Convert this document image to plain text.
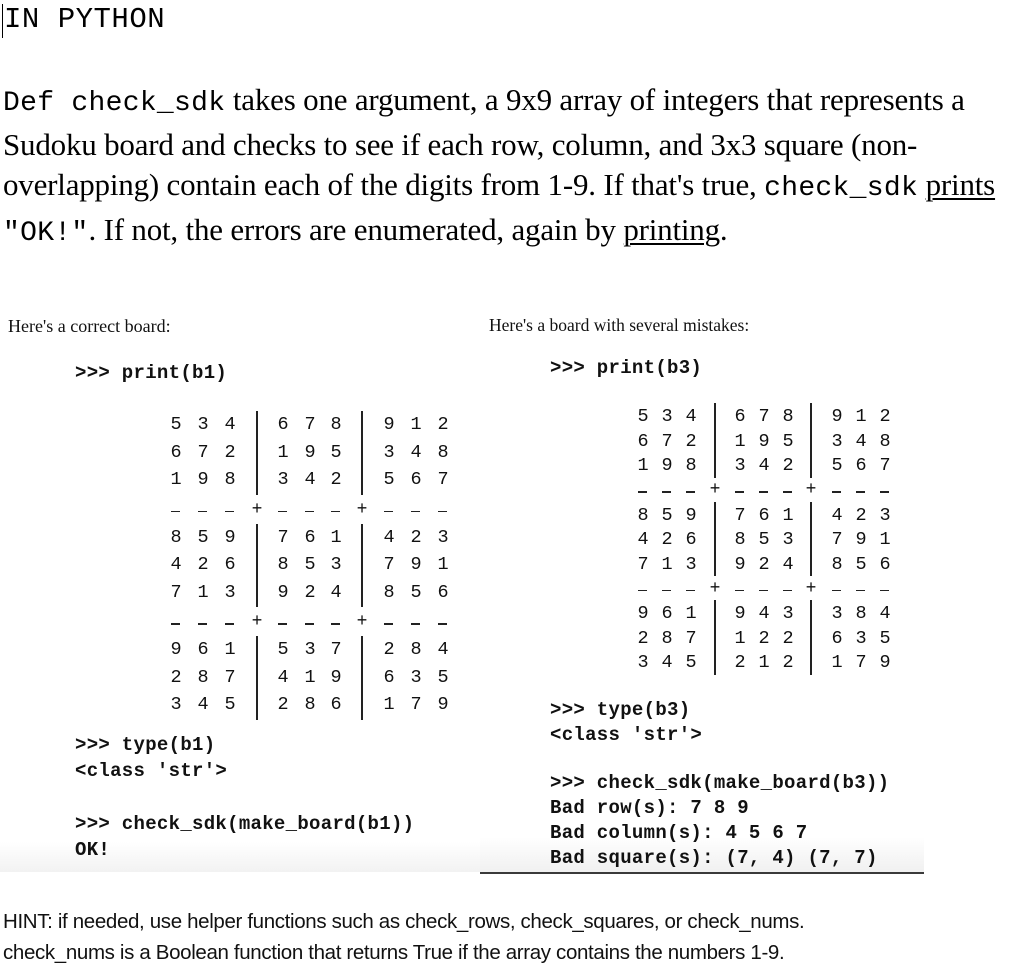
IN PYTHON
Def check_sdk takes one argument, a 9x9 array of integers that represents a Sudoku board and checks to see if each row, column, and 3x3 square (non-overlapping) contain each of the digits from 1-9. If that's true, check_sdk prints "OK!". If not, the errors are enumerated, again by printing.
Here's a correct board:
>>> print(b1)
5 3 4 6 7 8 9 1 2
6 7 2 1 9 5 3 4 8
1 9 8 3 4 2 5 6 7
+	+
8 5 9 7 6 1 4 2 3
4 2 6 8 5 3 7 9 1
7 1 3 9 2 4 8 5 6
+	+
9 6 1 5 3 7 2 8 4
2 8 7 4 1 9 6 3 5
3 4 5 2 8 6 1 7 9
>>> type(b1)
<class 'str'>
>>> check_sdk(make_board(b1))
OK!
Here's a board with several mistakes:
>>> print(b3)
5 3 4 6 7 8 9 1 2
6 7 2 1 9 5 3 4 8
1 9 8 3 4 2 5 6 7
+	+
8 5 9 7 6 1 4 2 3
4 2 6 8 5 3 7 9 1
7 1 3 9 2 4 8 5 6
+	+
9 6 1 9 4 3 3 8 4
2 8 7 1 2 2 6 3 5
3 4 5 2 1 2 1 7 9
>>> type(b3)
<class 'str'>
>>> check_sdk(make_board(b3))
Bad row(s): 7 8 9
Bad column(s): 4 5 6 7
Bad square(s): (7, 4) (7, 7)
HINT: if needed, use helper functions such as check_rows, check_squares, or check_nums.
check_nums is a Boolean function that returns True if the array contains the numbers 1-9.
